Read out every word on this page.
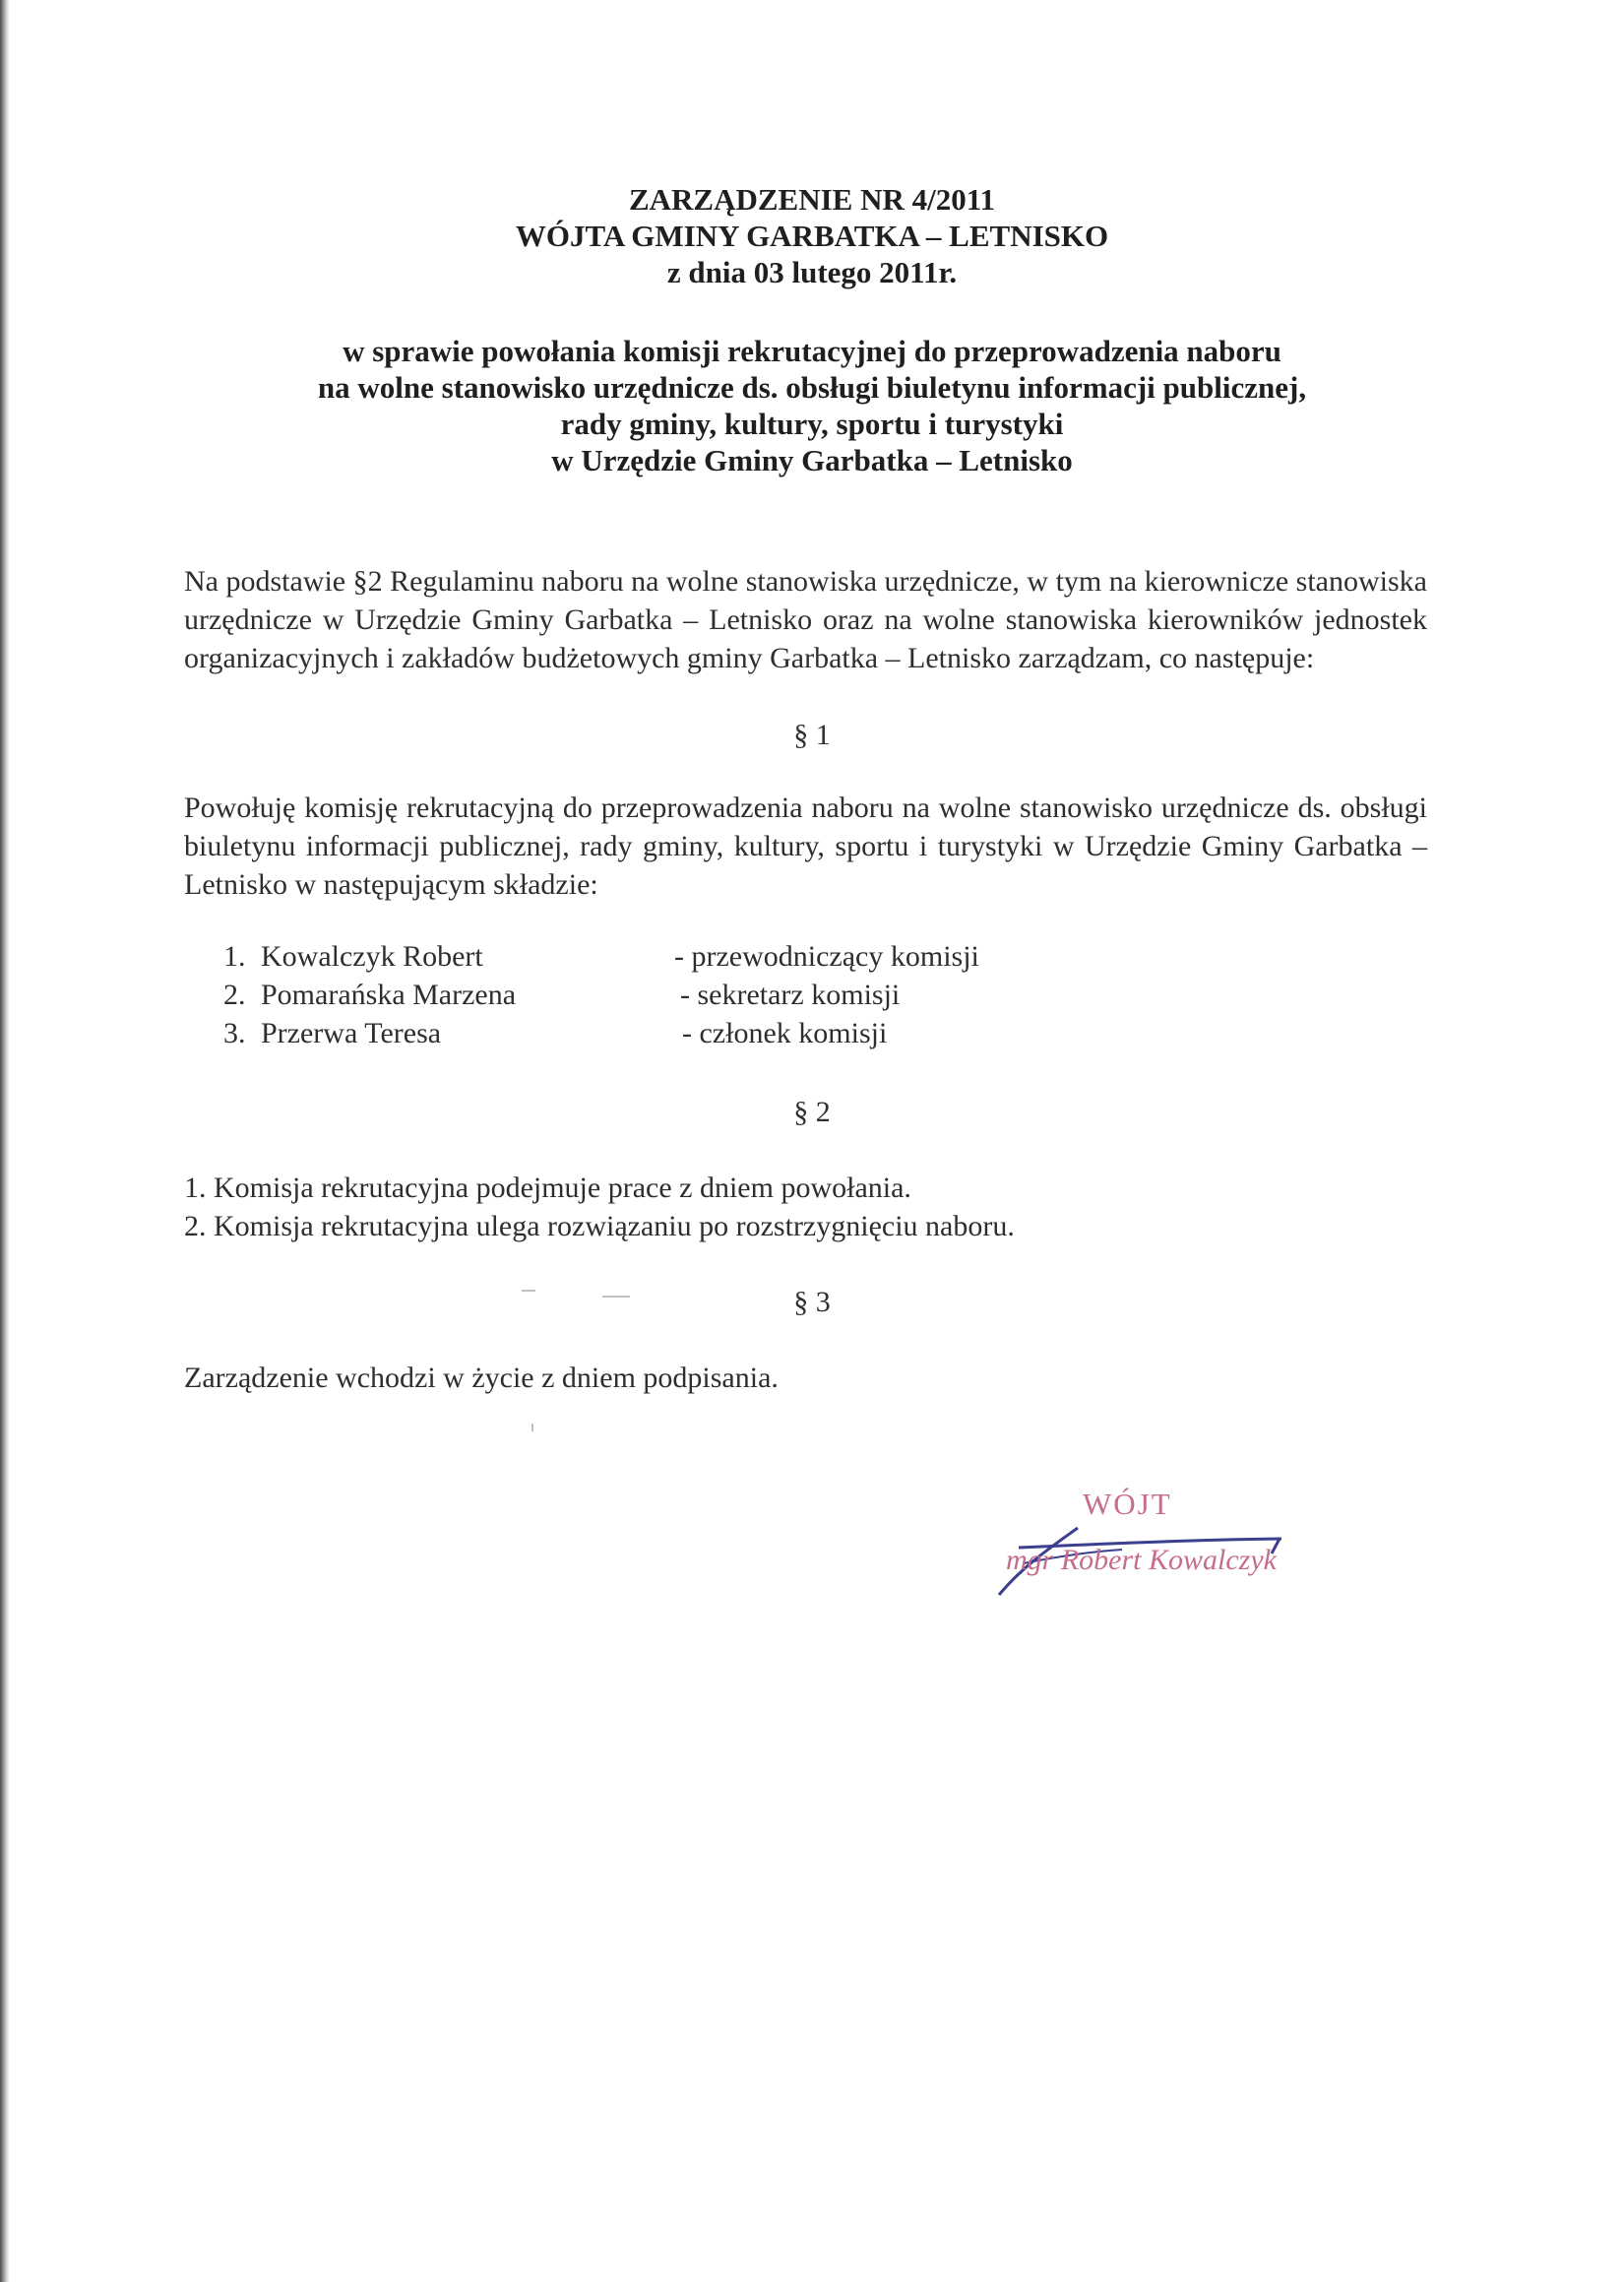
ZARZĄDZENIE NR 4/2011
WÓJTA GMINY GARBATKA – LETNISKO
z dnia 03 lutego 2011r.
w sprawie powołania komisji rekrutacyjnej do przeprowadzenia naboru
na wolne stanowisko urzędnicze ds. obsługi biuletynu informacji publicznej,
rady gminy, kultury, sportu i turystyki
w Urzędzie Gminy Garbatka – Letnisko
Na podstawie §2 Regulaminu naboru na wolne stanowiska urzędnicze, w tym na kierownicze stanowiska urzędnicze w Urzędzie Gminy Garbatka – Letnisko oraz na wolne stanowiska kierowników jednostek organizacyjnych i zakładów budżetowych gminy Garbatka – Letnisko zarządzam, co następuje:
§ 1
Powołuję komisję rekrutacyjną do przeprowadzenia naboru na wolne stanowisko urzędnicze ds. obsługi biuletynu informacji publicznej, rady gminy, kultury, sportu i turystyki w Urzędzie Gminy Garbatka – Letnisko w następującym składzie:
1. Kowalczyk Robert	- przewodniczący komisji
2. Pomarańska Marzena	- sekretarz komisji
3. Przerwa Teresa	- członek komisji
§ 2
1. Komisja rekrutacyjna podejmuje prace z dniem powołania.
2. Komisja rekrutacyjna ulega rozwiązaniu po rozstrzygnięciu naboru.
§ 3
Zarządzenie wchodzi w życie z dniem podpisania.
WÓJT
mgr Robert Kowalczyk
